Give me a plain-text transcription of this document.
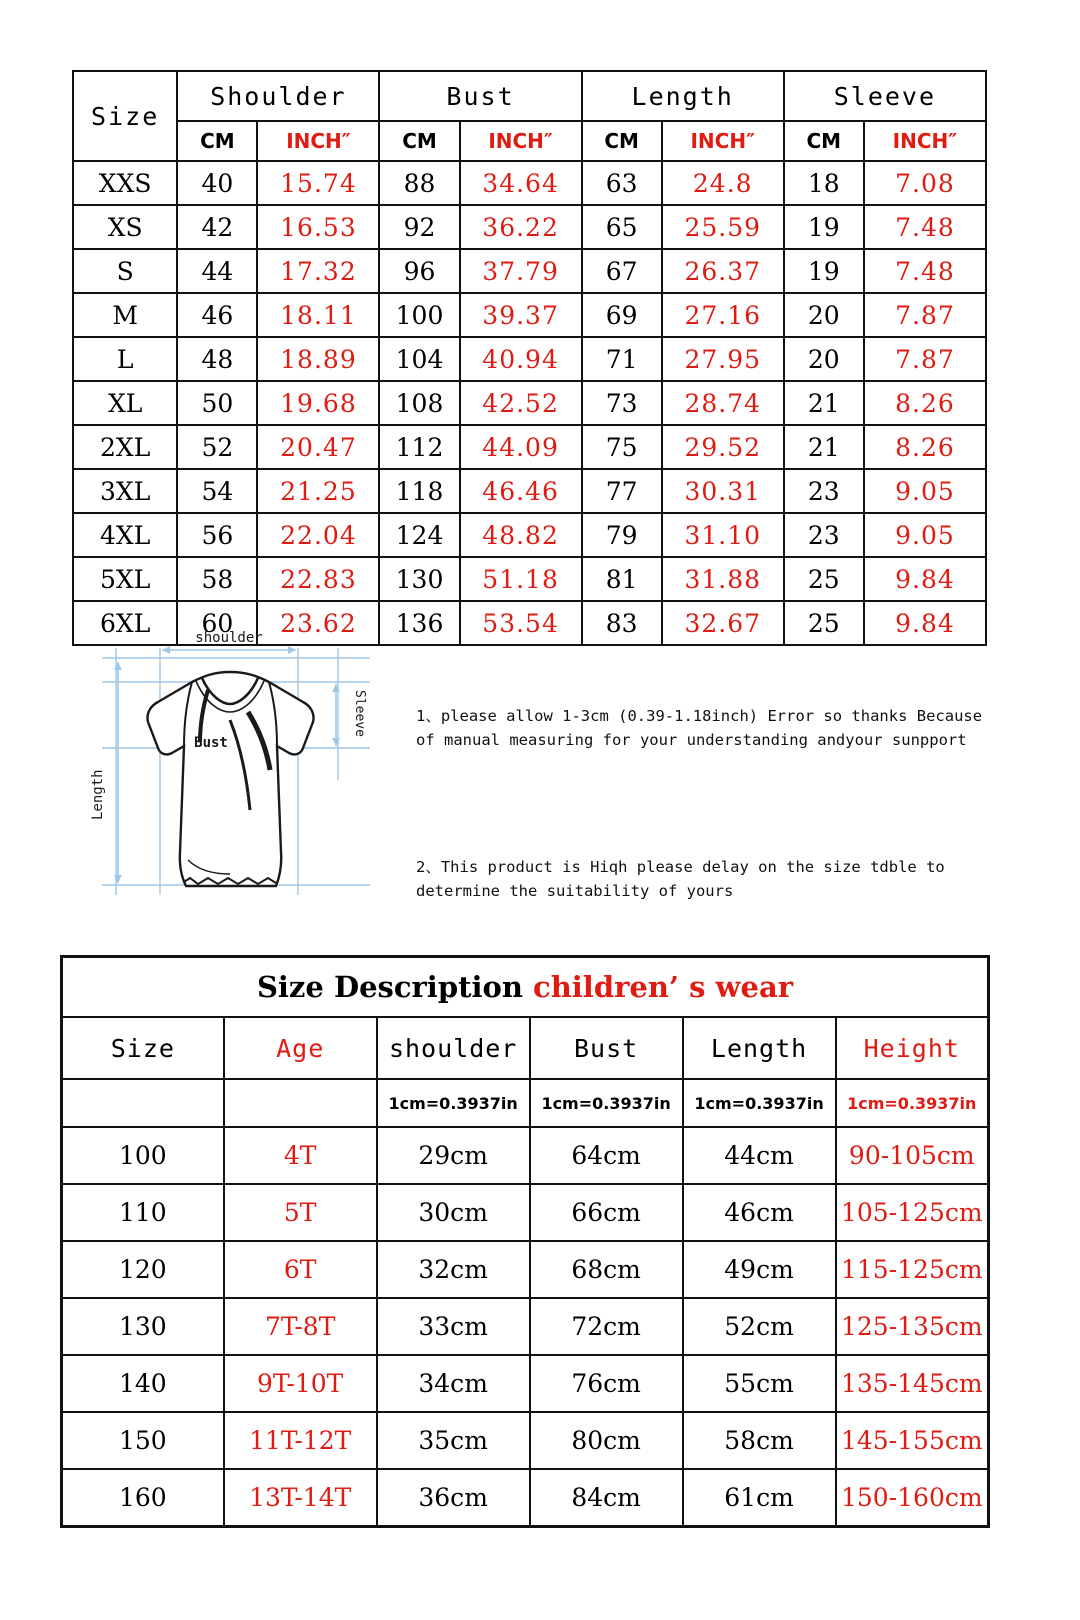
Size	Shoulder		Bust		Length		Sleeve	
	CM	INCH″	CM	INCH″	CM	INCH″	CM	INCH″
XXS	40	15.74	88	34.64	63	24.8	18	7.08
XS	42	16.53	92	36.22	65	25.59	19	7.48
S	44	17.32	96	37.79	67	26.37	19	7.48
M	46	18.11	100	39.37	69	27.16	20	7.87
L	48	18.89	104	40.94	71	27.95	20	7.87
XL	50	19.68	108	42.52	73	28.74	21	8.26
2XL	52	20.47	112	44.09	75	29.52	21	8.26
3XL	54	21.25	118	46.46	77	30.31	23	9.05
4XL	56	22.04	124	48.82	79	31.10	23	9.05
5XL	58	22.83	130	51.18	81	31.88	25	9.84
6XL	60	23.62	136	53.54	83	32.67	25	9.84
shoulder
Bust
Length
Sleeve	1、please allow 1-3cm (0.39-1.18inch) Error so thanks Because of manual measuring for your understanding andyour sunpport
2、This product is Hiqh please delay on the size tdble to determine the suitability of yours
Size Description children’ s wear					
Size	Age	shoulder	Bust	Length	Height
		1cm=0.3937in	1cm=0.3937in	1cm=0.3937in	1cm=0.3937in
100	4T	29cm	64cm	44cm	90-105cm
110	5T	30cm	66cm	46cm	105-125cm
120	6T	32cm	68cm	49cm	115-125cm
130	7T-8T	33cm	72cm	52cm	125-135cm
140	9T-10T	34cm	76cm	55cm	135-145cm
150	11T-12T	35cm	80cm	58cm	145-155cm
160	13T-14T	36cm	84cm	61cm	150-160cm
